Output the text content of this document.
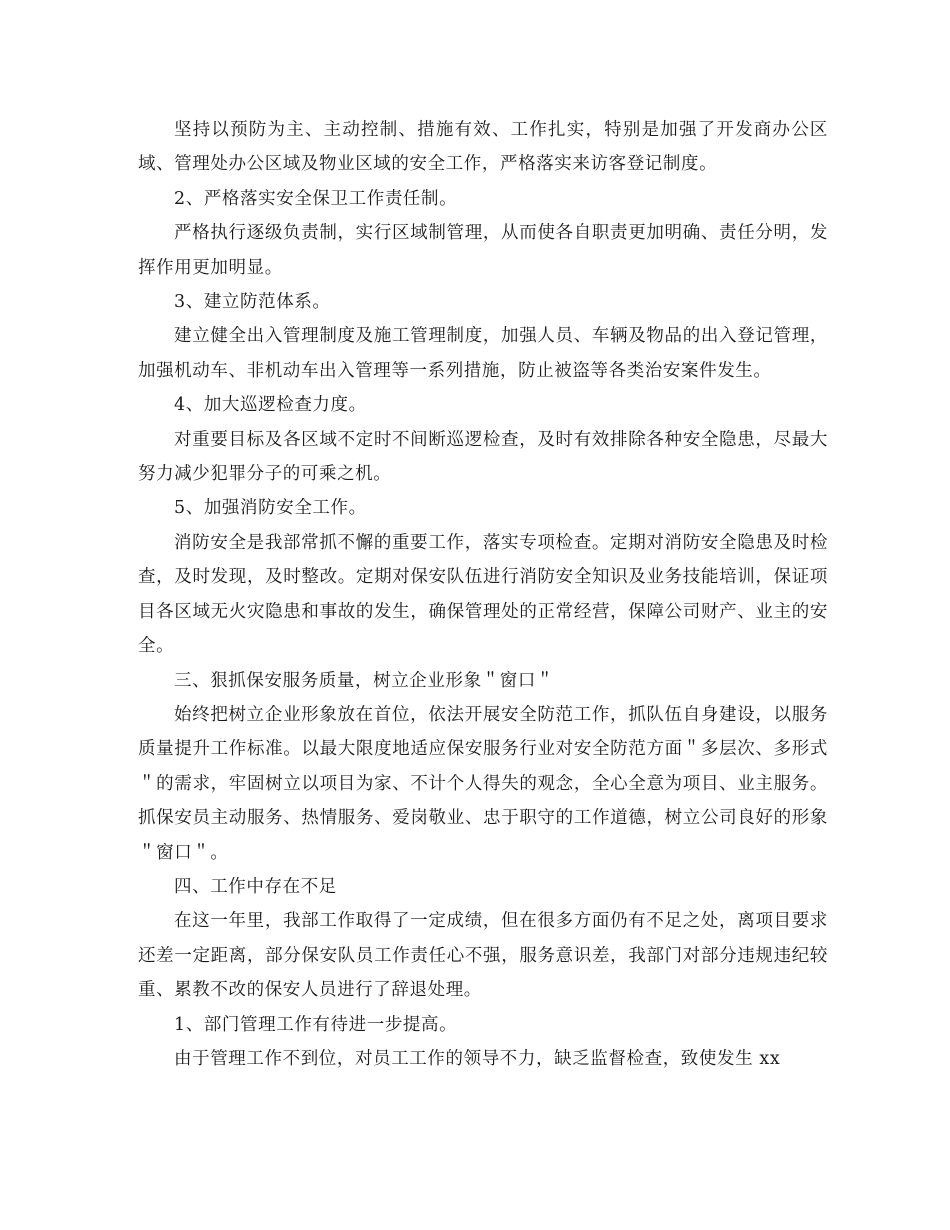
坚持以预防为主、主动控制、措施有效、工作扎实，特别是加强了开发商办公区域、管理处办公区域及物业区域的安全工作，严格落实来访客登记制度。

2、严格落实安全保卫工作责任制。

严格执行逐级负责制，实行区域制管理，从而使各自职责更加明确、责任分明，发挥作用更加明显。

3、建立防范体系。

建立健全出入管理制度及施工管理制度，加强人员、车辆及物品的出入登记管理，加强机动车、非机动车出入管理等一系列措施，防止被盗等各类治安案件发生。

4、加大巡逻检查力度。

对重要目标及各区域不定时不间断巡逻检查，及时有效排除各种安全隐患，尽最大努力减少犯罪分子的可乘之机。

5、加强消防安全工作。

消防安全是我部常抓不懈的重要工作，落实专项检查。定期对消防安全隐患及时检查，及时发现，及时整改。定期对保安队伍进行消防安全知识及业务技能培训，保证项目各区域无火灾隐患和事故的发生，确保管理处的正常经营，保障公司财产、业主的安全。

三、狠抓保安服务质量，树立企业形象＂窗口＂

始终把树立企业形象放在首位，依法开展安全防范工作，抓队伍自身建设，以服务质量提升工作标准。以最大限度地适应保安服务行业对安全防范方面＂多层次、多形式＂的需求，牢固树立以项目为家、不计个人得失的观念，全心全意为项目、业主服务。抓保安员主动服务、热情服务、爱岗敬业、忠于职守的工作道德，树立公司良好的形象＂窗口＂。

四、工作中存在不足

在这一年里，我部工作取得了一定成绩，但在很多方面仍有不足之处，离项目要求还差一定距离，部分保安队员工作责任心不强，服务意识差，我部门对部分违规违纪较重、累教不改的保安人员进行了辞退处理。

1、部门管理工作有待进一步提高。

由于管理工作不到位，对员工工作的领导不力，缺乏监督检查，致使发生 xx
